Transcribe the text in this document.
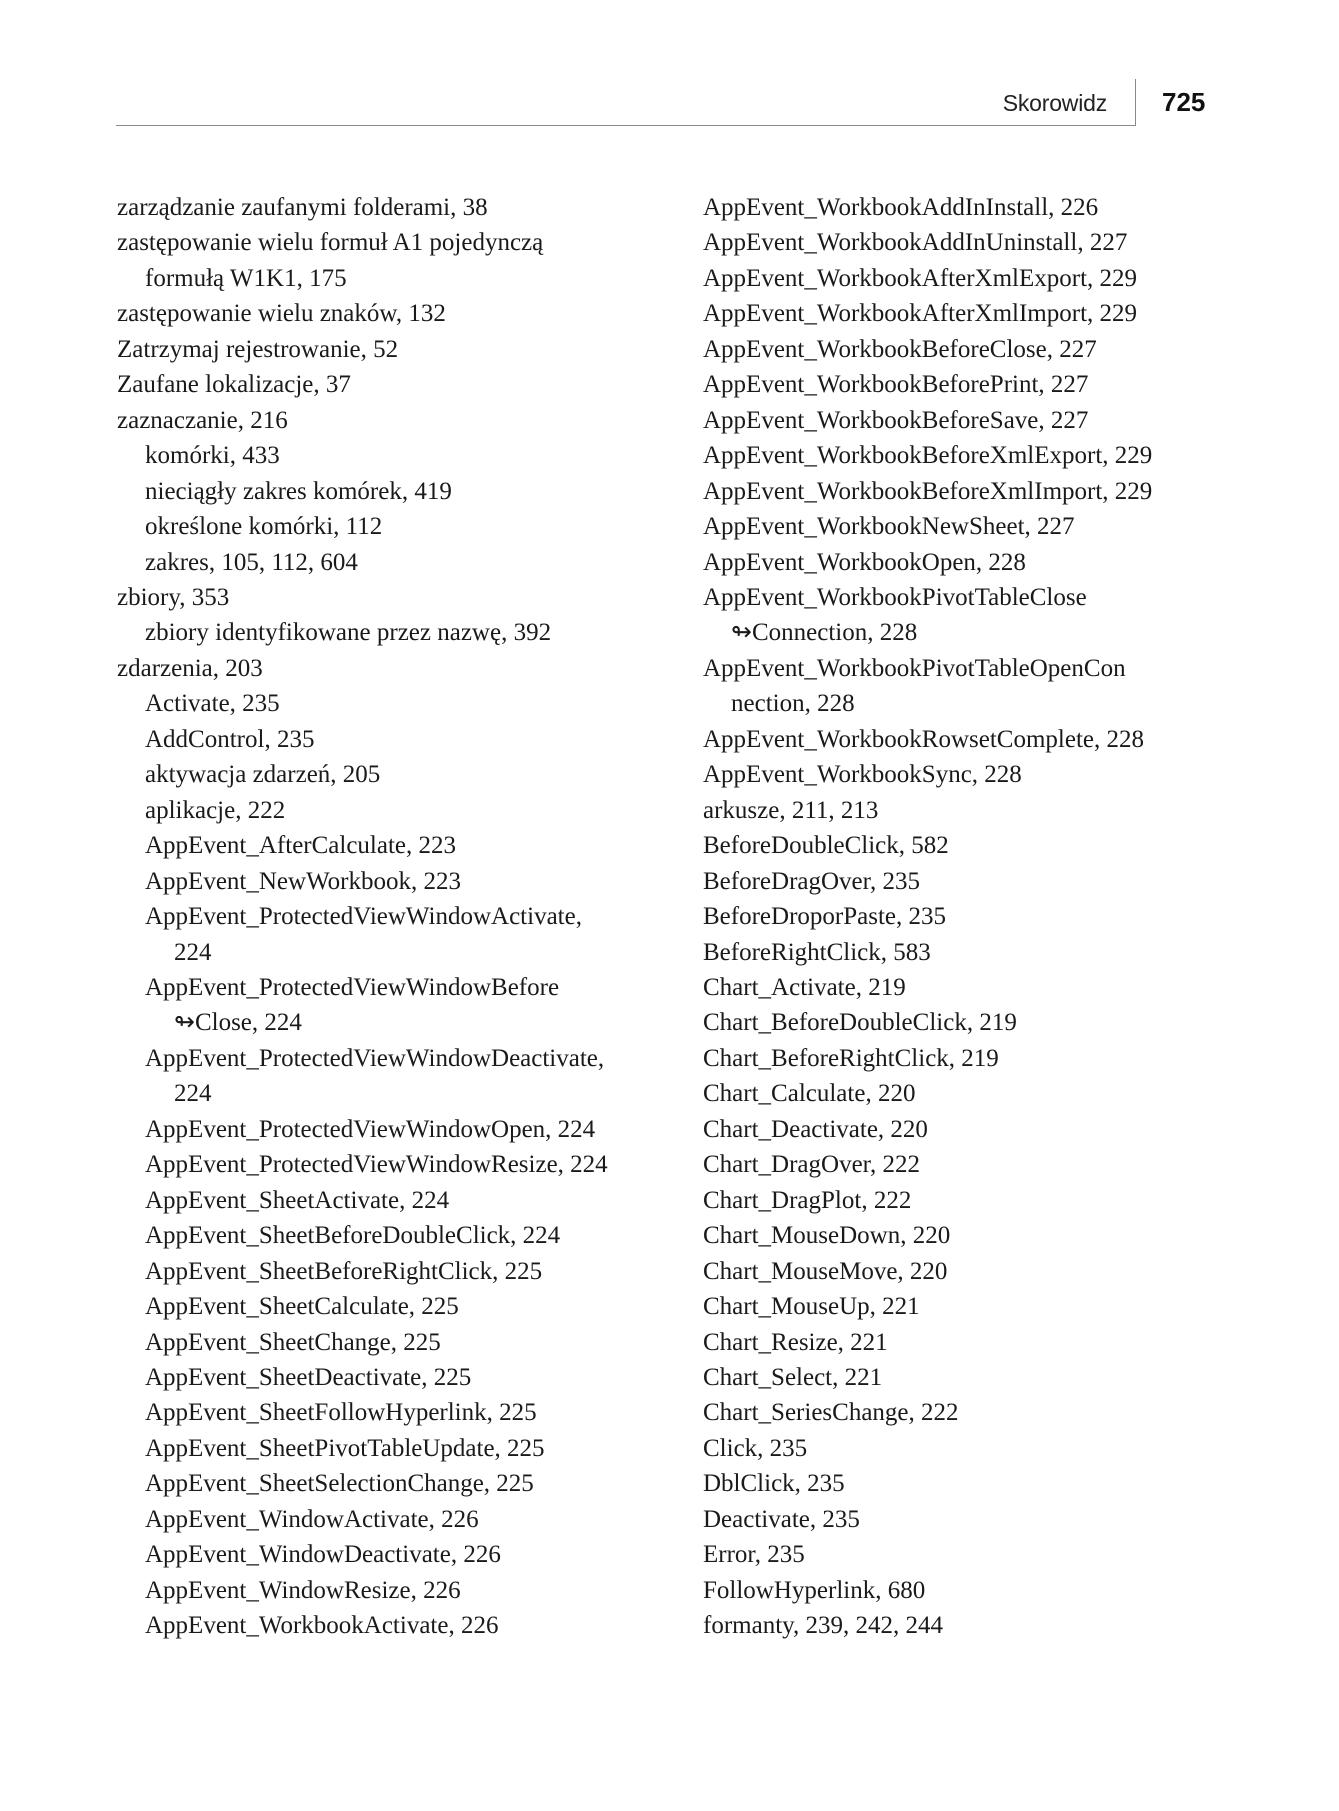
Skorowidz 725
zarządzanie zaufanymi folderami, 38
zastępowanie wielu formuł A1 pojedynczą
formułą W1K1, 175
zastępowanie wielu znaków, 132
Zatrzymaj rejestrowanie, 52
Zaufane lokalizacje, 37
zaznaczanie, 216
komórki, 433
nieciągły zakres komórek, 419
określone komórki, 112
zakres, 105, 112, 604
zbiory, 353
zbiory identyfikowane przez nazwę, 392
zdarzenia, 203
Activate, 235
AddControl, 235
aktywacja zdarzeń, 205
aplikacje, 222
AppEvent_AfterCalculate, 223
AppEvent_NewWorkbook, 223
AppEvent_ProtectedViewWindowActivate,
224
AppEvent_ProtectedViewWindowBefore
↬Close, 224
AppEvent_ProtectedViewWindowDeactivate,
224
AppEvent_ProtectedViewWindowOpen, 224
AppEvent_ProtectedViewWindowResize, 224
AppEvent_SheetActivate, 224
AppEvent_SheetBeforeDoubleClick, 224
AppEvent_SheetBeforeRightClick, 225
AppEvent_SheetCalculate, 225
AppEvent_SheetChange, 225
AppEvent_SheetDeactivate, 225
AppEvent_SheetFollowHyperlink, 225
AppEvent_SheetPivotTableUpdate, 225
AppEvent_SheetSelectionChange, 225
AppEvent_WindowActivate, 226
AppEvent_WindowDeactivate, 226
AppEvent_WindowResize, 226
AppEvent_WorkbookActivate, 226
AppEvent_WorkbookAddInInstall, 226
AppEvent_WorkbookAddInUninstall, 227
AppEvent_WorkbookAfterXmlExport, 229
AppEvent_WorkbookAfterXmlImport, 229
AppEvent_WorkbookBeforeClose, 227
AppEvent_WorkbookBeforePrint, 227
AppEvent_WorkbookBeforeSave, 227
AppEvent_WorkbookBeforeXmlExport, 229
AppEvent_WorkbookBeforeXmlImport, 229
AppEvent_WorkbookNewSheet, 227
AppEvent_WorkbookOpen, 228
AppEvent_WorkbookPivotTableClose
↬Connection, 228
AppEvent_WorkbookPivotTableOpenCon
nection, 228
AppEvent_WorkbookRowsetComplete, 228
AppEvent_WorkbookSync, 228
arkusze, 211, 213
BeforeDoubleClick, 582
BeforeDragOver, 235
BeforeDroporPaste, 235
BeforeRightClick, 583
Chart_Activate, 219
Chart_BeforeDoubleClick, 219
Chart_BeforeRightClick, 219
Chart_Calculate, 220
Chart_Deactivate, 220
Chart_DragOver, 222
Chart_DragPlot, 222
Chart_MouseDown, 220
Chart_MouseMove, 220
Chart_MouseUp, 221
Chart_Resize, 221
Chart_Select, 221
Chart_SeriesChange, 222
Click, 235
DblClick, 235
Deactivate, 235
Error, 235
FollowHyperlink, 680
formanty, 239, 242, 244
